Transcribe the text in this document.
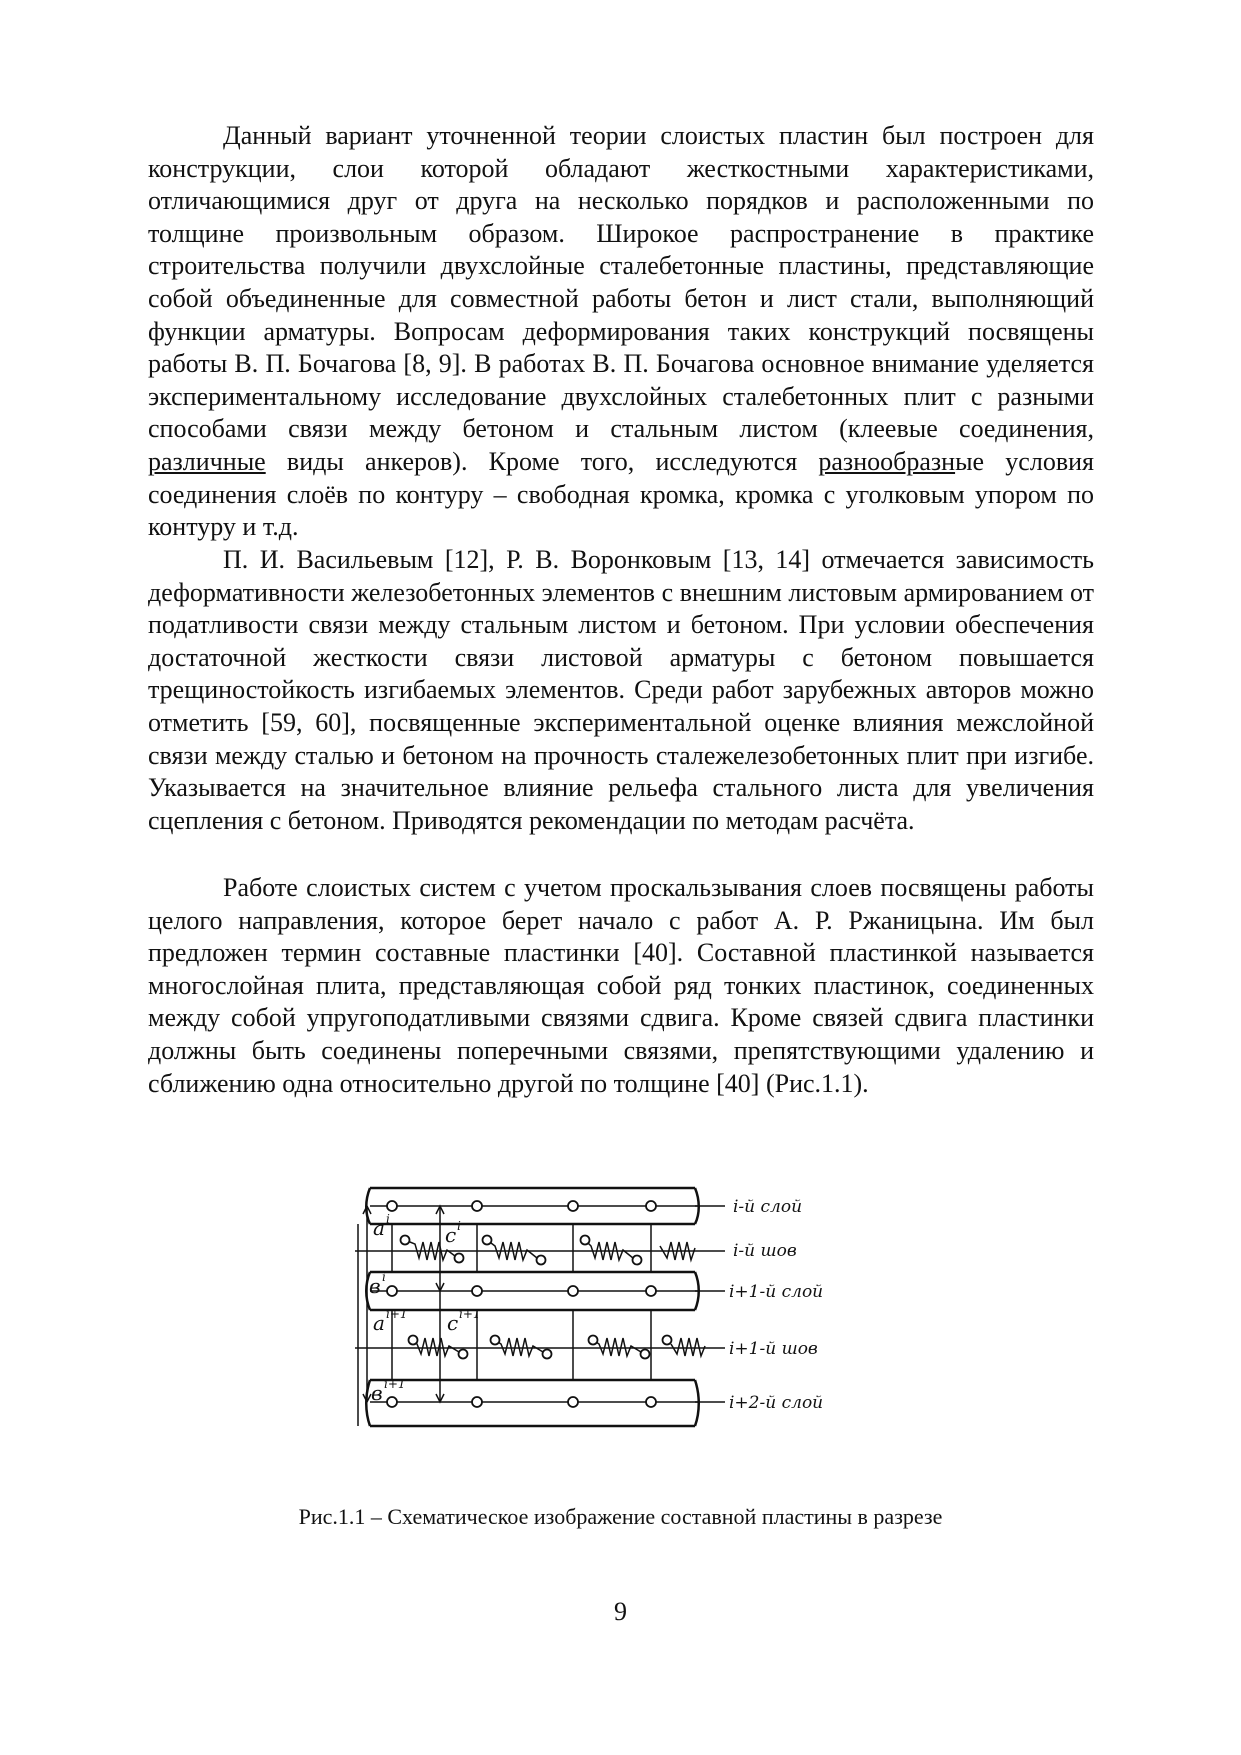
Данный вариант уточненной теории слоистых пластин был построен для конструкции, слои которой обладают жесткостными характеристиками, отличающимися друг от друга на несколько порядков и расположенными по толщине произвольным образом. Широкое распространение в практике строительства получили двухслойные сталебетонные пластины, представляющие собой объединенные для совместной работы бетон и лист стали, выполняющий функции арматуры. Вопросам деформирования таких конструкций посвящены работы В. П. Бочагова [8, 9]. В работах В. П. Бочагова основное внимание уделяется экспериментальному исследование двухслойных сталебетонных плит с разными способами связи между бетоном и стальным листом (клеевые соединения, различные виды анкеров). Кроме того, исследуются разнообразные условия соединения слоёв по контуру – свободная кромка, кромка с уголковым упором по контуру и т.д.

П. И. Васильевым [12], Р. В. Воронковым [13, 14] отмечается зависимость деформативности железобетонных элементов с внешним листовым армированием от податливости связи между стальным листом и бетоном. При условии обеспечения достаточной жесткости связи листовой арматуры с бетоном повышается трещиностойкость изгибаемых элементов. Среди работ зарубежных авторов можно отметить [59, 60], посвященные экспериментальной оценке влияния межслойной связи между сталью и бетоном на прочность сталежелезобетонных плит при изгибе. Указывается на значительное влияние рельефа стального листа для увеличения сцепления с бетоном. Приводятся рекомендации по методам расчёта.

Работе слоистых систем с учетом проскальзывания слоев посвящены работы целого направления, которое берет начало с работ А. Р. Ржаницына. Им был предложен термин составные пластинки [40]. Составной пластинкой называется многослойная плита, представляющая собой ряд тонких пластинок, соединенных между собой упругоподатливыми связями сдвига. Кроме связей сдвига пластинки должны быть соединены поперечными связями, препятствующими удалению и сближению одна относительно другой по толщине [40] (Рис.1.1).

a i
c i
в i
a i+1 c i+1
в i+1
i-й слой
i-й шов
i+1-й слой
i+1-й шов
i+2-й слой
Рис.1.1 – Схематическое изображение составной пластины в разрезе
9
